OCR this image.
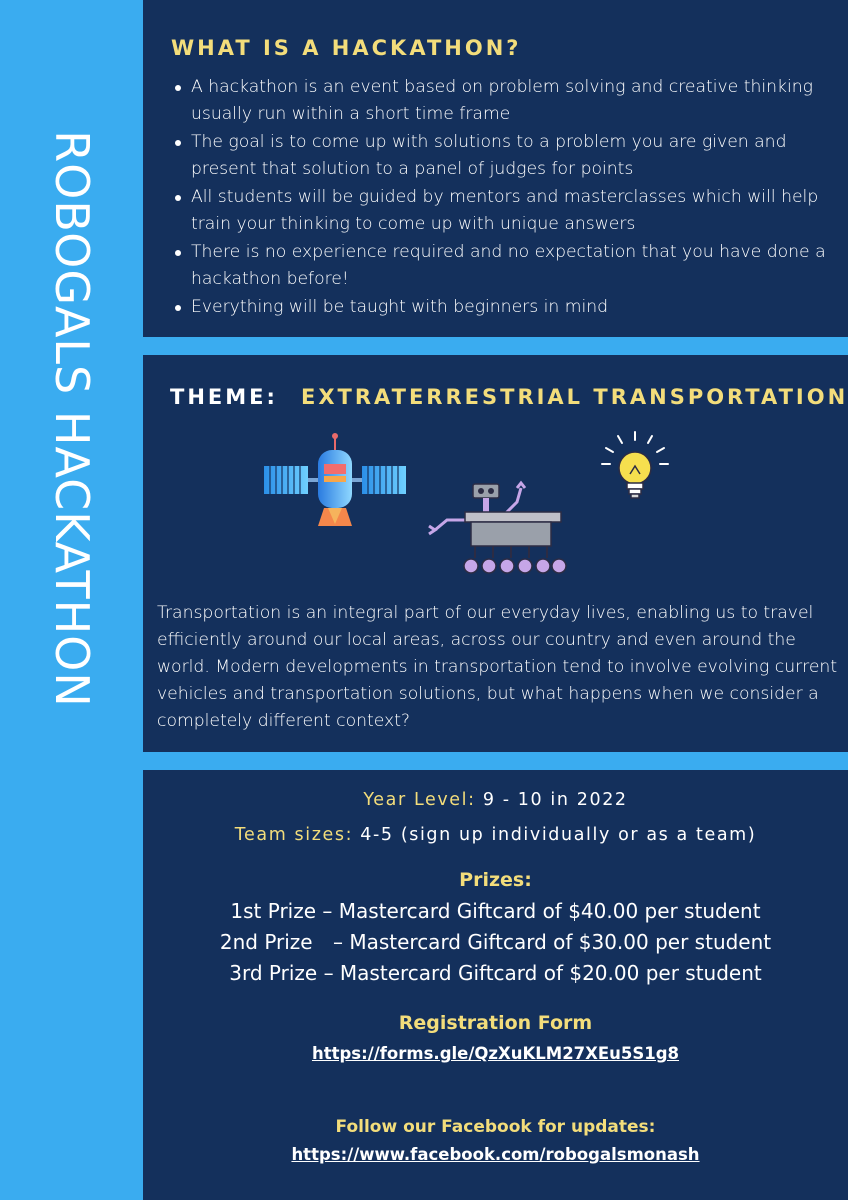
ROBOGALS HACKATHON
WHAT IS A HACKATHON?
A hackathon is an event based on problem solving and creative thinking usually run within a short time frame
The goal is to come up with solutions to a problem you are given and present that solution to a panel of judges for points
All students will be guided by mentors and masterclasses which will help train your thinking to come up with unique answers
There is no experience required and no expectation that you have done a hackathon before!
Everything will be taught with beginners in mind

Transportation is an integral part of our everyday lives, enabling us to travel efficiently around our local areas, across our country and even around the world. Modern developments in transportation tend to involve evolving current vehicles and transportation solutions, but what happens when we consider a completely different context?

THEME: EXTRATERRESTRIAL TRANSPORTATION
Year Level: 9 - 10 in 2022
Team sizes: 4-5 (sign up individually or as a team)
Prizes:
1st Prize – Mastercard Giftcard of $40.00 per student
2nd Prize – Mastercard Giftcard of $30.00 per student
3rd Prize – Mastercard Giftcard of $20.00 per student
Registration Form
https://forms.gle/QzXuKLM27XEu5S1g8
Follow our Facebook for updates:
https://www.facebook.com/robogalsmonash
